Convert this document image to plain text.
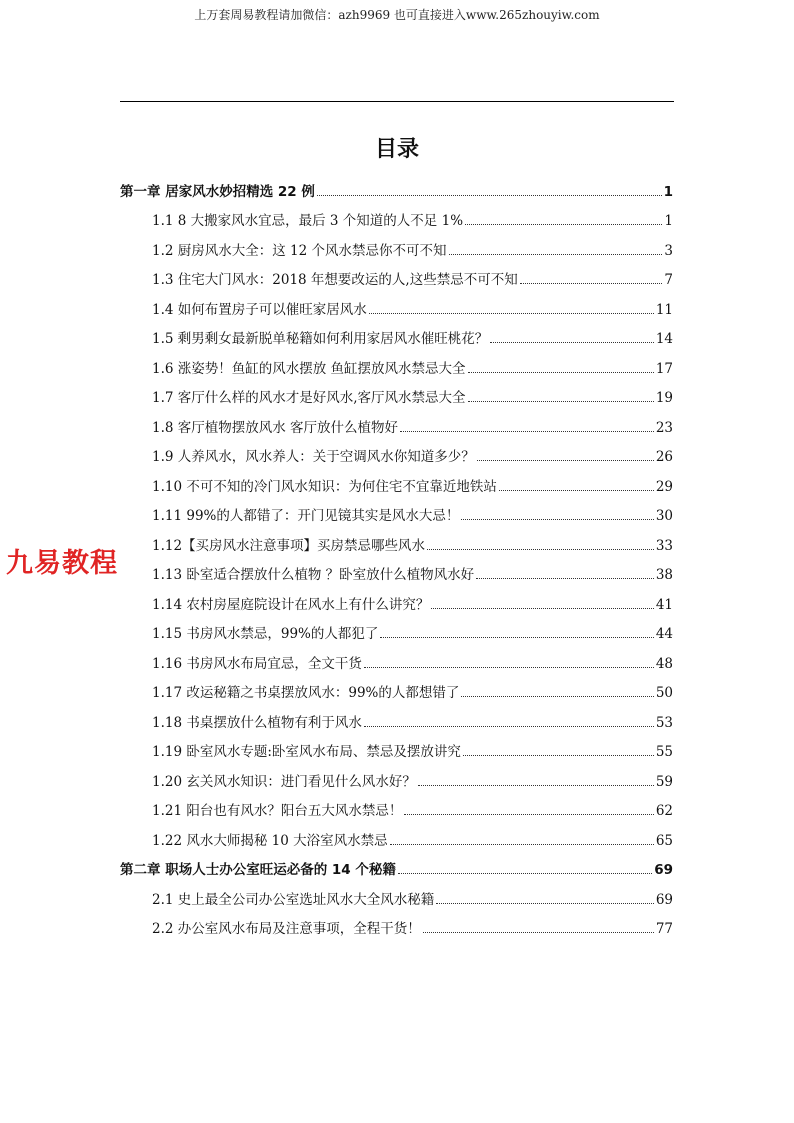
上万套周易教程请加微信：azh9969 也可直接进入www.265zhouyiw.com
目录
第一章 居家风水妙招精选 22 例	1
1.1 8 大搬家风水宜忌，最后 3 个知道的人不足 1%	1
1.2 厨房风水大全：这 12 个风水禁忌你不可不知	3
1.3 住宅大门风水：2018 年想要改运的人,这些禁忌不可不知	7
1.4 如何布置房子可以催旺家居风水	11
1.5 剩男剩女最新脱单秘籍如何利用家居风水催旺桃花？	14
1.6 涨姿势！鱼缸的风水摆放 鱼缸摆放风水禁忌大全	17
1.7 客厅什么样的风水才是好风水,客厅风水禁忌大全	19
1.8 客厅植物摆放风水 客厅放什么植物好	23
1.9 人养风水，风水养人：关于空调风水你知道多少？	26
1.10 不可不知的冷门风水知识：为何住宅不宜靠近地铁站	29
1.11 99%的人都错了：开门见镜其实是风水大忌！	30
1.12【买房风水注意事项】买房禁忌哪些风水	33
1.13 卧室适合摆放什么植物 ？卧室放什么植物风水好	38
1.14 农村房屋庭院设计在风水上有什么讲究？	41
1.15 书房风水禁忌，99%的人都犯了	44
1.16 书房风水布局宜忌，全文干货	48
1.17 改运秘籍之书桌摆放风水：99%的人都想错了	50
1.18 书桌摆放什么植物有利于风水	53
1.19 卧室风水专题:卧室风水布局、禁忌及摆放讲究	55
1.20 玄关风水知识：进门看见什么风水好？	59
1.21 阳台也有风水？阳台五大风水禁忌！	62
1.22 风水大师揭秘 10 大浴室风水禁忌	65
第二章 职场人士办公室旺运必备的 14 个秘籍	69
2.1 史上最全公司办公室选址风水大全风水秘籍	69
2.2 办公室风水布局及注意事项，全程干货！	77
九易教程
